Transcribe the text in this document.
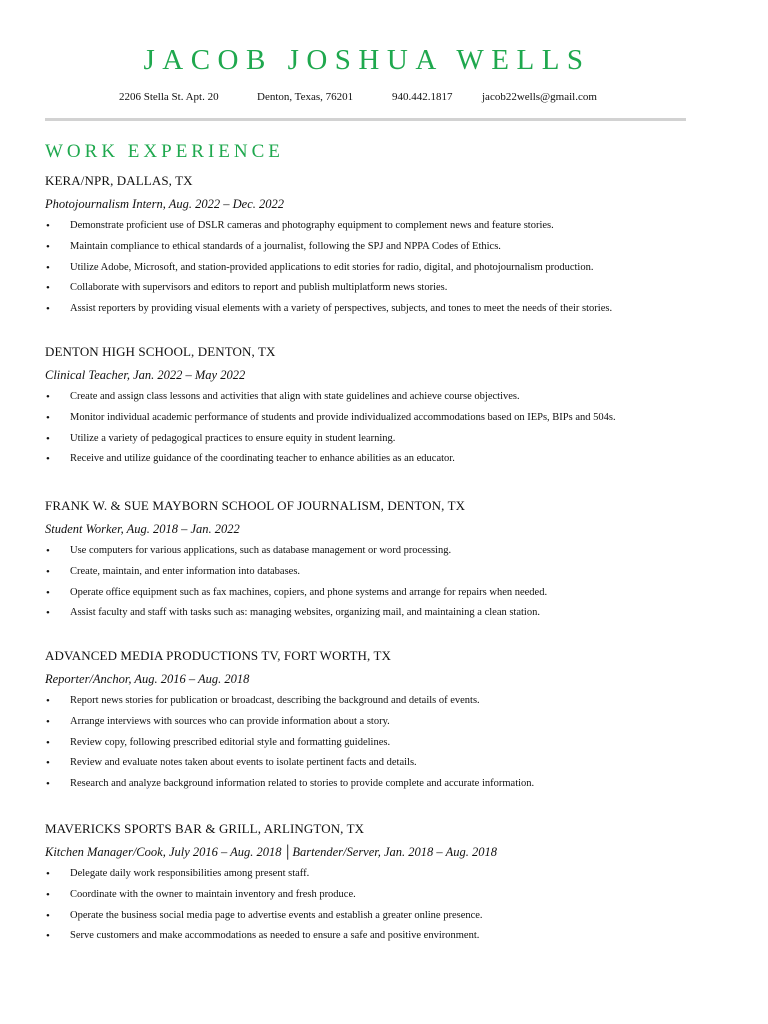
JACOB JOSHUA WELLS
2206 Stella St. Apt. 20	Denton, Texas, 76201	940.442.1817	jacob22wells@gmail.com
WORK EXPERIENCE
KERA/NPR, DALLAS, TX
Photojournalism Intern, Aug. 2022 – Dec. 2022
• Demonstrate proficient use of DSLR cameras and photography equipment to complement news and feature stories.
• Maintain compliance to ethical standards of a journalist, following the SPJ and NPPA Codes of Ethics.
• Utilize Adobe, Microsoft, and station-provided applications to edit stories for radio, digital, and photojournalism production.
• Collaborate with supervisors and editors to report and publish multiplatform news stories.
• Assist reporters by providing visual elements with a variety of perspectives, subjects, and tones to meet the needs of their stories.
DENTON HIGH SCHOOL, DENTON, TX
Clinical Teacher, Jan. 2022 – May 2022
• Create and assign class lessons and activities that align with state guidelines and achieve course objectives.
• Monitor individual academic performance of students and provide individualized accommodations based on IEPs, BIPs and 504s.
• Utilize a variety of pedagogical practices to ensure equity in student learning.
• Receive and utilize guidance of the coordinating teacher to enhance abilities as an educator.
FRANK W. & SUE MAYBORN SCHOOL OF JOURNALISM, DENTON, TX
Student Worker, Aug. 2018 – Jan. 2022
• Use computers for various applications, such as database management or word processing.
• Create, maintain, and enter information into databases.
• Operate office equipment such as fax machines, copiers, and phone systems and arrange for repairs when needed.
• Assist faculty and staff with tasks such as: managing websites, organizing mail, and maintaining a clean station.
ADVANCED MEDIA PRODUCTIONS TV, FORT WORTH, TX
Reporter/Anchor, Aug. 2016 – Aug. 2018
• Report news stories for publication or broadcast, describing the background and details of events.
• Arrange interviews with sources who can provide information about a story.
• Review copy, following prescribed editorial style and formatting guidelines.
• Review and evaluate notes taken about events to isolate pertinent facts and details.
• Research and analyze background information related to stories to provide complete and accurate information.
MAVERICKS SPORTS BAR & GRILL, ARLINGTON, TX
Kitchen Manager/Cook, July 2016 – Aug. 2018 │Bartender/Server, Jan. 2018 – Aug. 2018
• Delegate daily work responsibilities among present staff.
• Coordinate with the owner to maintain inventory and fresh produce.
• Operate the business social media page to advertise events and establish a greater online presence.
• Serve customers and make accommodations as needed to ensure a safe and positive environment.
